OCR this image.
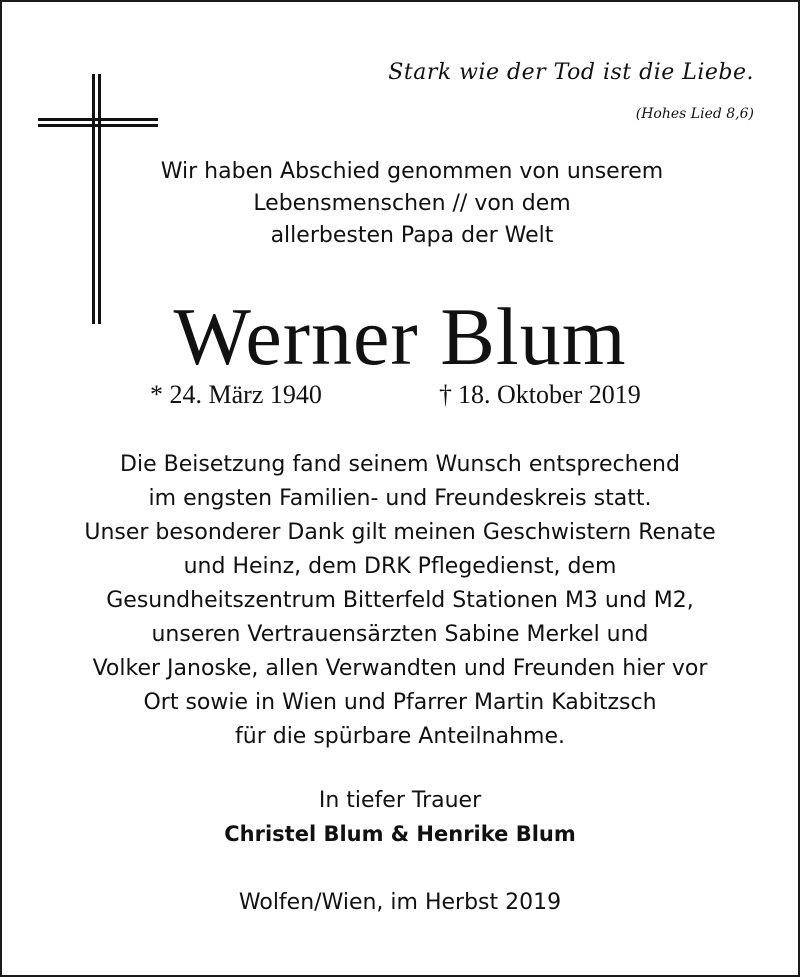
Stark wie der Tod ist die Liebe.
(Hohes Lied 8,6)
Wir haben Abschied genommen von unserem
Lebensmenschen // von dem
allerbesten Papa der Welt
Werner Blum
* 24. März 1940	† 18. Oktober 2019
Die Beisetzung fand seinem Wunsch entsprechend
im engsten Familien- und Freundeskreis statt.
Unser besonderer Dank gilt meinen Geschwistern Renate
und Heinz, dem DRK Pflegedienst, dem
Gesundheitszentrum Bitterfeld Stationen M3 und M2,
unseren Vertrauensärzten Sabine Merkel und
Volker Janoske, allen Verwandten und Freunden hier vor
Ort sowie in Wien und Pfarrer Martin Kabitzsch
für die spürbare Anteilnahme.
In tiefer Trauer
Christel Blum & Henrike Blum
Wolfen/Wien, im Herbst 2019
